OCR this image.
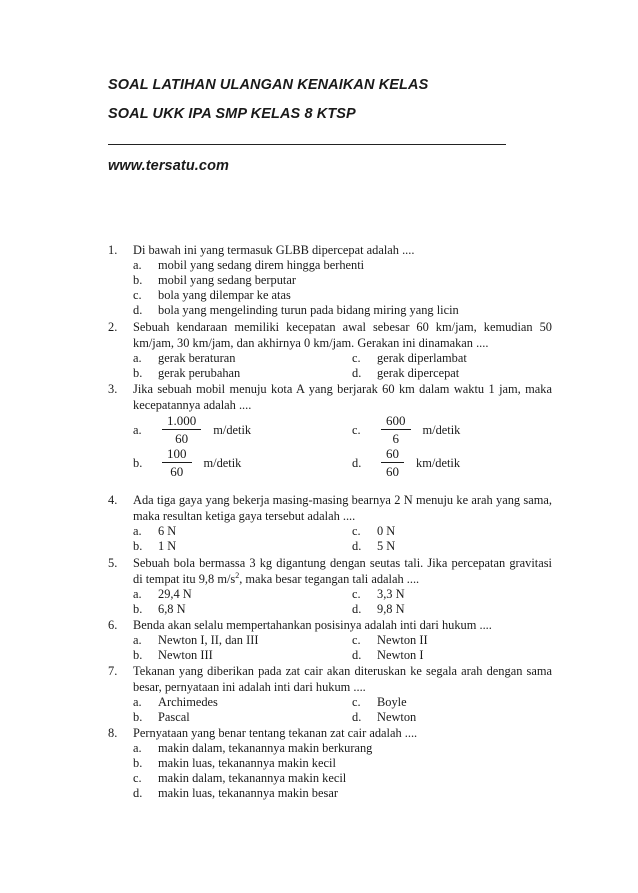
SOAL LATIHAN ULANGAN KENAIKAN KELAS
SOAL UKK IPA SMP KELAS 8 KTSP
www.tersatu.com
1.	Di bawah ini yang termasuk GLBB dipercepat adalah ....
a.	mobil yang sedang direm hingga berhenti
b.	mobil yang sedang berputar
c.	bola yang dilempar ke atas
d.	bola yang mengelinding turun pada bidang miring yang licin
2.	Sebuah kendaraan memiliki kecepatan awal sebesar 60 km/jam, kemudian 50 km/jam, 30 km/jam, dan akhirnya 0 km/jam. Gerakan ini dinamakan ....
a.	gerak beraturan	c.	gerak diperlambat
b.	gerak perubahan	d.	gerak dipercepat
3.	Jika sebuah mobil menuju kota A yang berjarak 60 km dalam waktu 1 jam, maka kecepatannya adalah ....
a.	$\frac{1.000}{60}$ m/detik	c.	$\frac{600}{6}$ m/detik
b.	$\frac{100}{60}$ m/detik	d.	$\frac{60}{60}$ km/detik
4.	Ada tiga gaya yang bekerja masing-masing bearnya 2 N menuju ke arah yang sama, maka resultan ketiga gaya tersebut adalah ....
a.	6 N	c.	0 N
b.	1 N	d.	5 N
5.	Sebuah bola bermassa 3 kg digantung dengan seutas tali. Jika percepatan gravitasi di tempat itu 9,8 $m/s^2$, maka besar tegangan tali adalah ....
a.	29,4 N	c.	3,3 N
b.	6,8 N	d.	9,8 N
6.	Benda akan selalu mempertahankan posisinya adalah inti dari hukum ....
a.	Newton I, II, dan III	c.	Newton II
b.	Newton III	d.	Newton I
7.	Tekanan yang diberikan pada zat cair akan diteruskan ke segala arah dengan sama besar, pernyataan ini adalah inti dari hukum ....
a.	Archimedes	c.	Boyle
b.	Pascal	d.	Newton
8.	Pernyataan yang benar tentang tekanan zat cair adalah ....
a.	makin dalam, tekanannya makin berkurang
b.	makin luas, tekanannya makin kecil
c.	makin dalam, tekanannya makin kecil
d.	makin luas, tekanannya makin besar
